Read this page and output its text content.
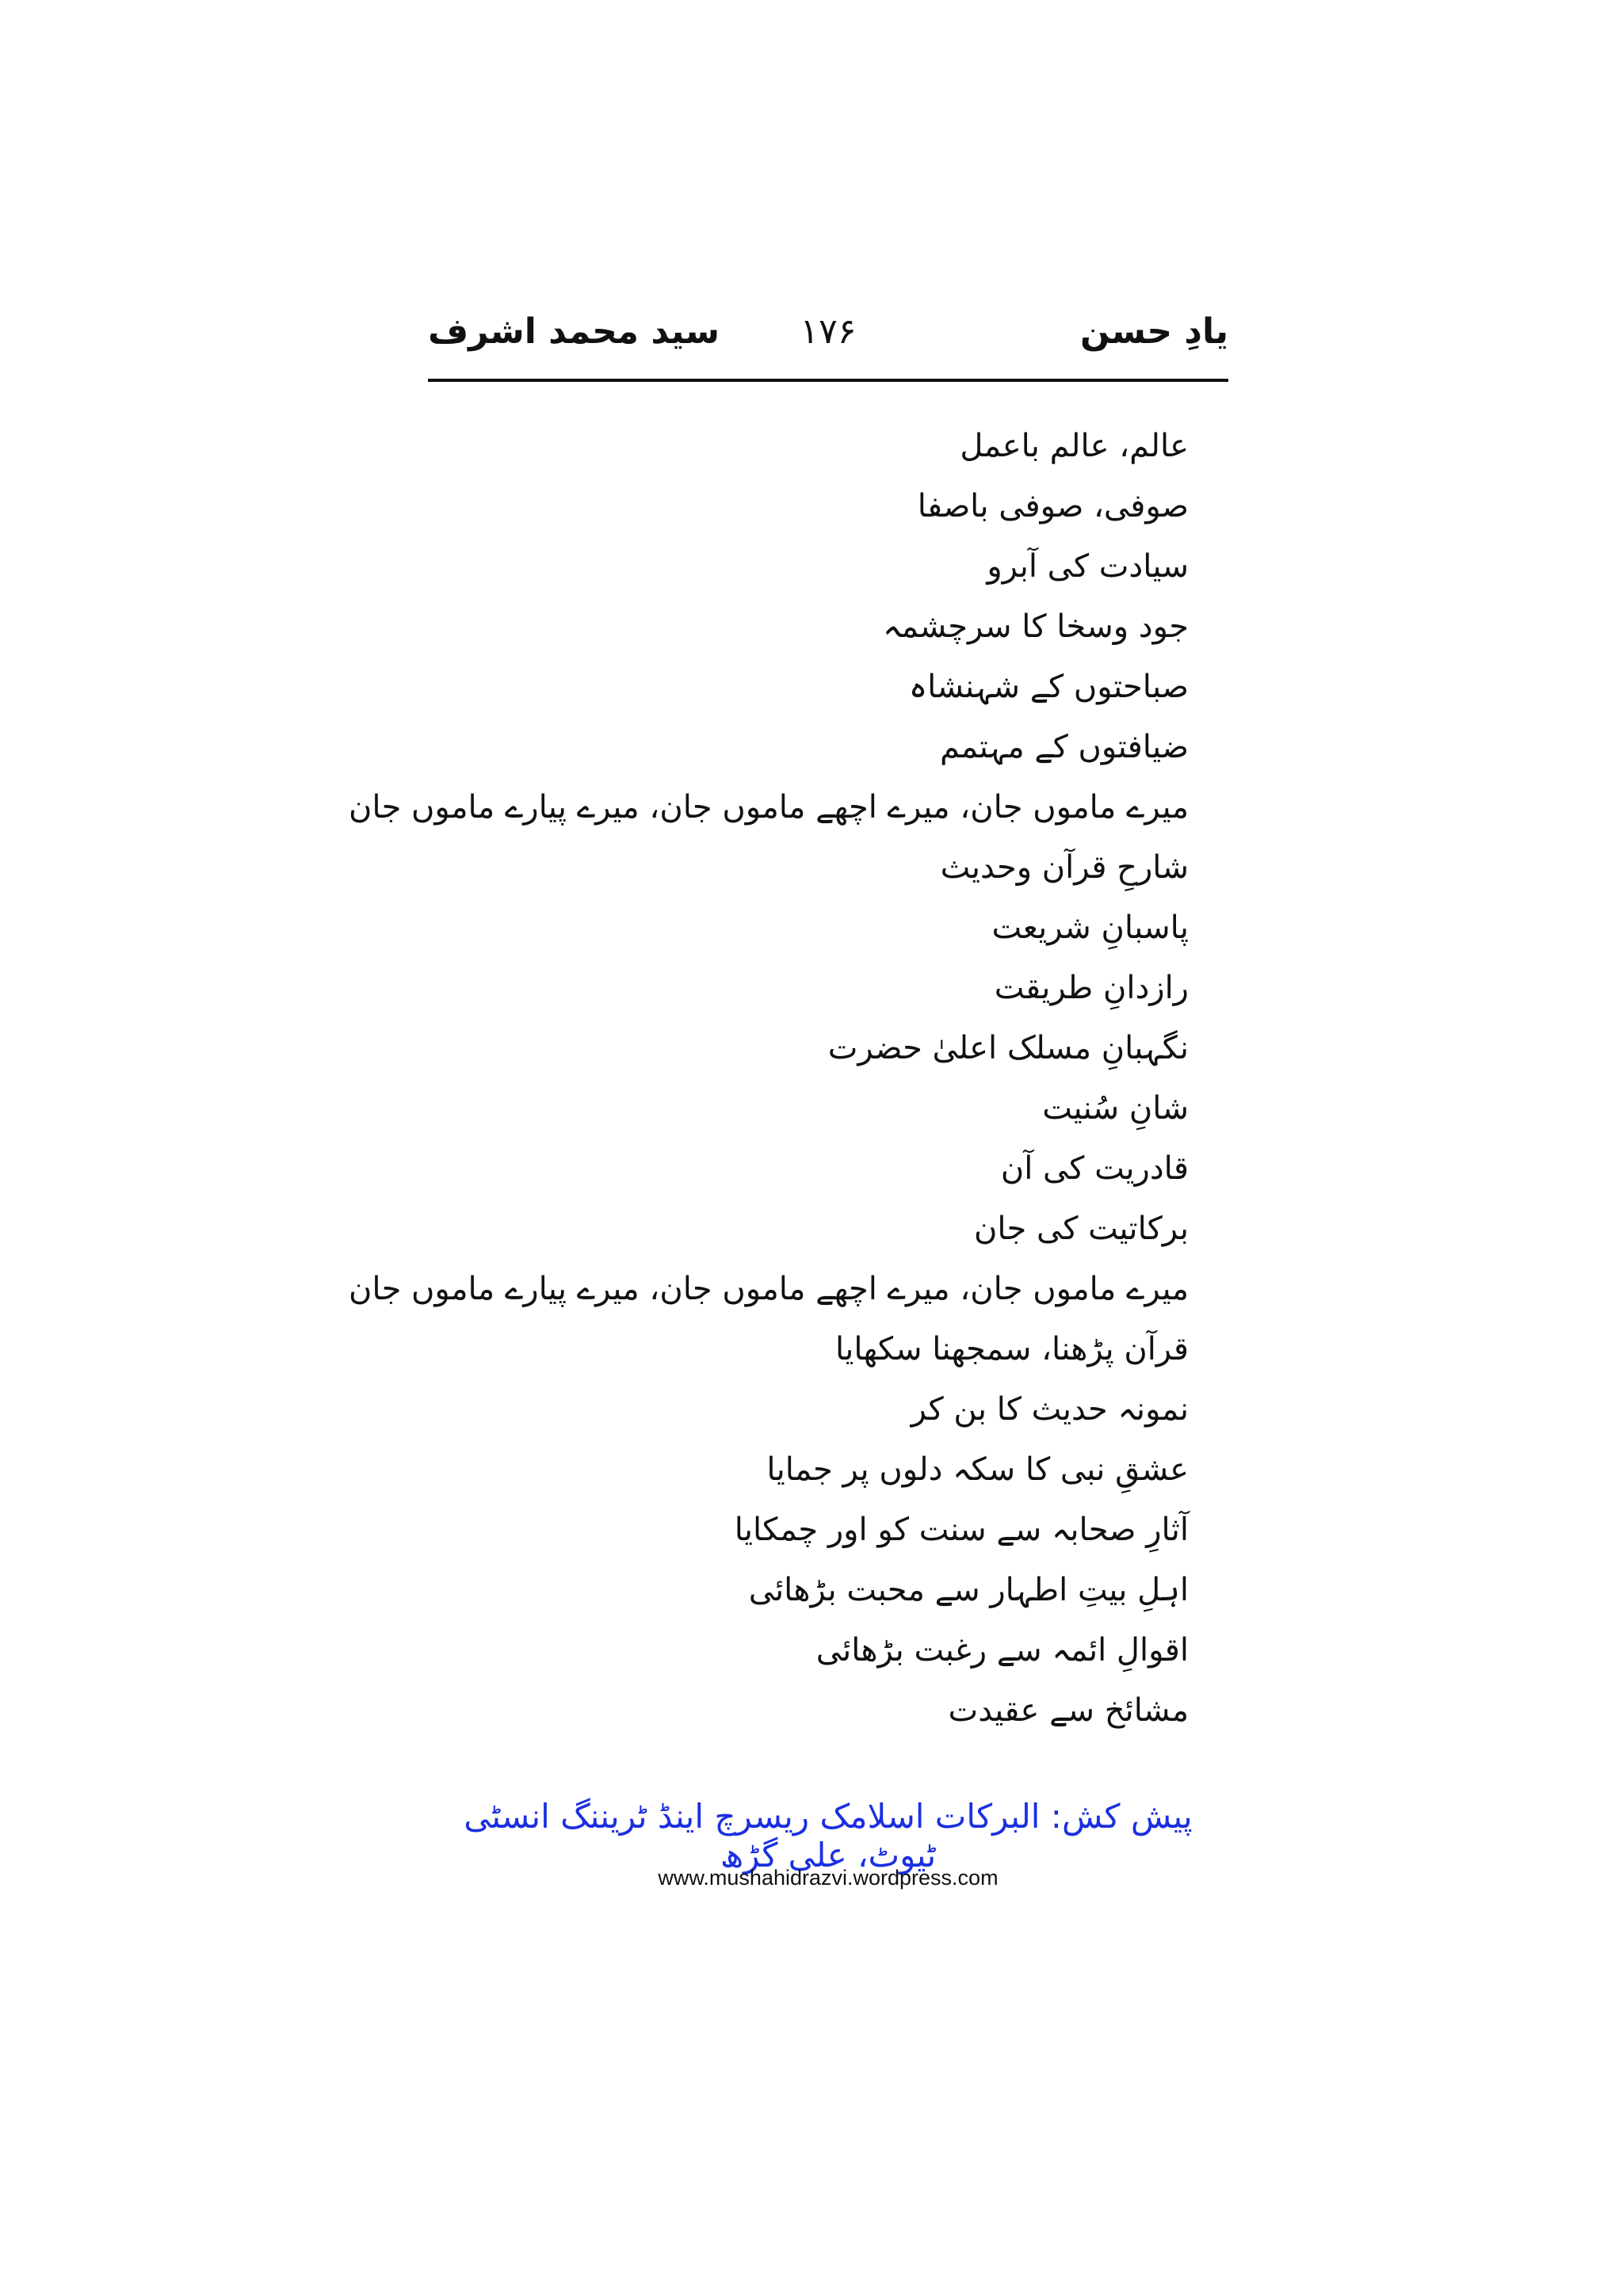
یادِ حسن
۱۷۶
سید محمد اشرف
عالم، عالم باعمل
صوفی، صوفی باصفا
سیادت کی آبرو
جود وسخا کا سرچشمہ
صباحتوں کے شہنشاہ
ضیافتوں کے مہتمم
میرے ماموں جان، میرے اچھے ماموں جان، میرے پیارے ماموں جان
شارحِ قرآن وحدیث
پاسبانِ شریعت
رازدانِ طریقت
نگہبانِ مسلک اعلیٰ حضرت
شانِ سُنیت
قادریت کی آن
برکاتیت کی جان
میرے ماموں جان، میرے اچھے ماموں جان، میرے پیارے ماموں جان
قرآن پڑھنا، سمجھنا سکھایا
نمونہ حدیث کا بن کر
عشقِ نبی کا سکہ دلوں پر جمایا
آثارِ صحابہ سے سنت کو اور چمکایا
اہلِ بیتِ اطہار سے محبت بڑھائی
اقوالِ ائمہ سے رغبت بڑھائی
مشائخ سے عقیدت
پیش کش: البرکات اسلامک ریسرچ اینڈ ٹریننگ انسٹی ٹیوٹ، علی گڑھ
www.mushahidrazvi.wordpress.com
